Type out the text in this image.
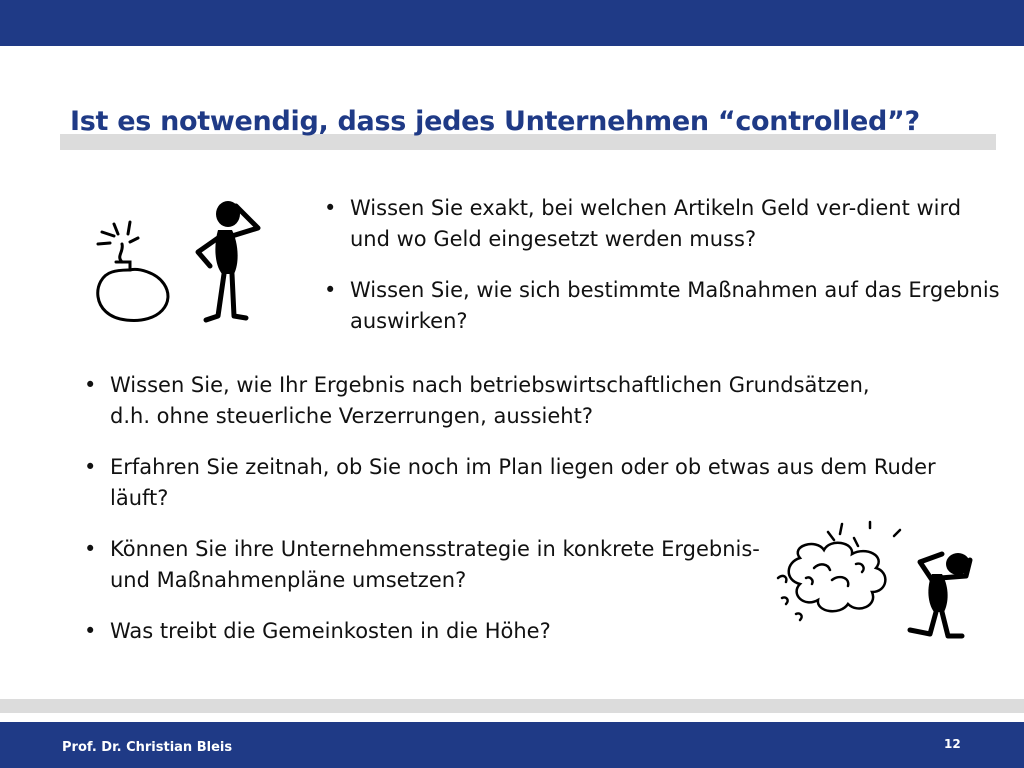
Ist es notwendig, dass jedes Unternehmen “controlled”?
• Wissen Sie exakt, bei welchen Artikeln Geld ver-dient wird und wo Geld eingesetzt werden muss?
• Wissen Sie, wie sich bestimmte Maßnahmen auf das Ergebnis auswirken?
• Wissen Sie, wie Ihr Ergebnis nach betriebswirtschaftlichen Grundsätzen, d.h. ohne steuerliche Verzerrungen, aussieht?
• Erfahren Sie zeitnah, ob Sie noch im Plan liegen oder ob etwas aus dem Ruder läuft?
• Können Sie ihre Unternehmensstrategie in konkrete Ergebnis- und Maßnahmenpläne umsetzen?
• Was treibt die Gemeinkosten in die Höhe?
Prof. Dr. Christian Bleis	12
